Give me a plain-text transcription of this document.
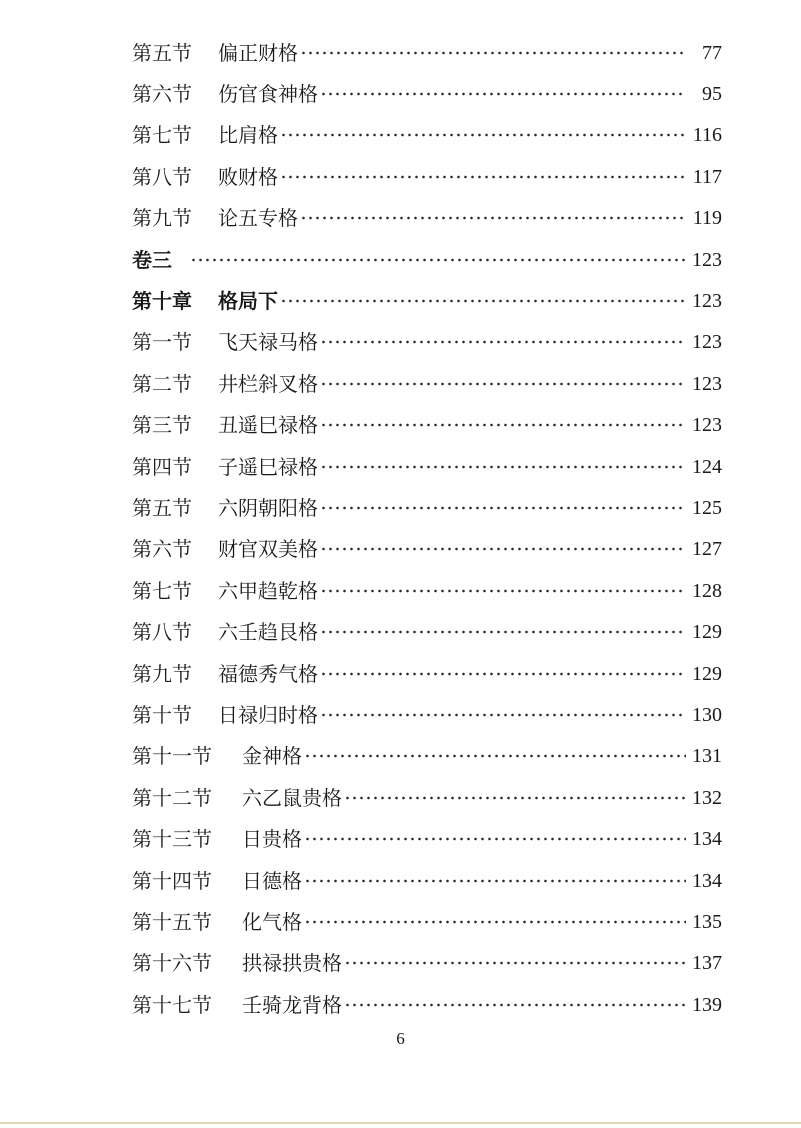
第五节	偏正财格	77
第六节	伤官食神格	95
第七节	比肩格	116
第八节	败财格	117
第九节	论五专格	119
卷三	123
第十章	格局下	123
第一节	飞天禄马格	123
第二节	井栏斜叉格	123
第三节	丑遥巳禄格	123
第四节	子遥巳禄格	124
第五节	六阴朝阳格	125
第六节	财官双美格	127
第七节	六甲趋乾格	128
第八节	六壬趋艮格	129
第九节	福德秀气格	129
第十节	日禄归时格	130
第十一节	金神格	131
第十二节	六乙鼠贵格	132
第十三节	日贵格	134
第十四节	日德格	134
第十五节	化气格	135
第十六节	拱禄拱贵格	137
第十七节	壬骑龙背格	139
6
